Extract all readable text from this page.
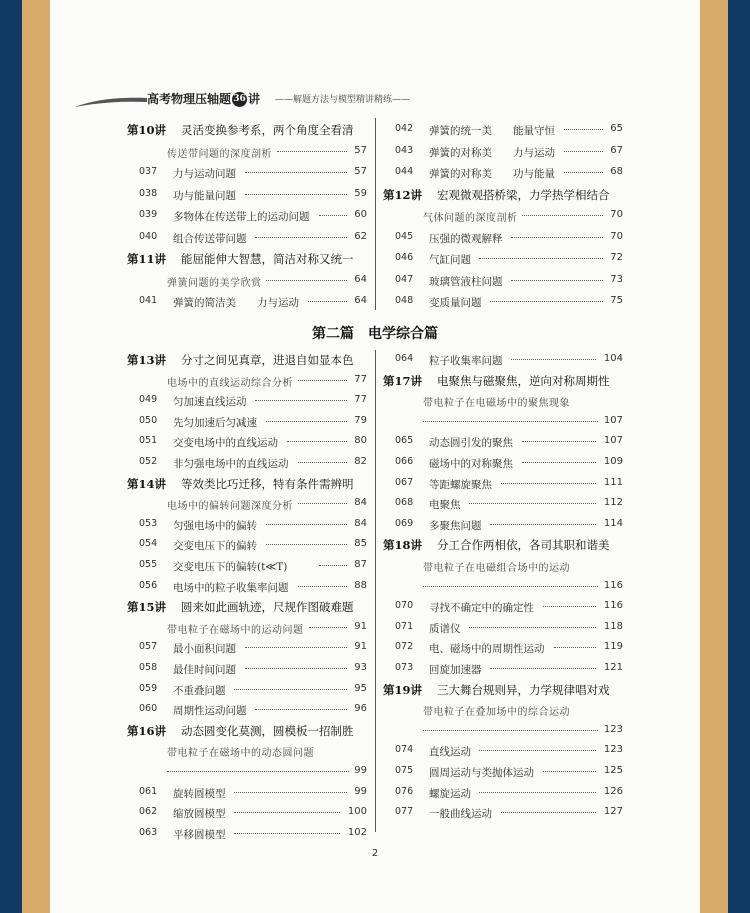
高考物理压轴题 36 讲 ——解题方法与模型精讲精练——
第10讲 灵活变换参考系，两个角度全看清
传送带问题的深度剖析	57
037 力与运动问题	57
038 功与能量问题	59
039 多物体在传送带上的运动问题	60
040 组合传送带问题	62
第11讲 能屈能伸大智慧，简洁对称又统一
弹簧问题的美学欣赏	64
041 弹簧的简洁美　　力与运动	64
042 弹簧的统一美　　能量守恒	65
043 弹簧的对称美　　力与运动	67
044 弹簧的对称美　　功与能量	68
第12讲 宏观微观搭桥梁，力学热学相结合
气体问题的深度剖析	70
045 压强的微观解释	70
046 气缸问题	72
047 玻璃管液柱问题	73
048 变质量问题	75
第二篇　电学综合篇
第13讲 分寸之间见真章，进退自如显本色
电场中的直线运动综合分析	77
049 匀加速直线运动	77
050 先匀加速后匀减速	79
051 交变电场中的直线运动	80
052 非匀强电场中的直线运动	82
第14讲 等效类比巧迁移，特有条件需辨明
电场中的偏转问题深度分析	84
053 匀强电场中的偏转	84
054 交变电压下的偏转	85
055 交变电压下的偏转(t≪T)	87
056 电场中的粒子收集率问题	88
第15讲 圆来如此画轨迹，尺规作图破难题
带电粒子在磁场中的运动问题	91
057 最小面积问题	91
058 最佳时间问题	93
059 不重叠问题	95
060 周期性运动问题	96
第16讲 动态圆变化莫测，圆模板一招制胜
带电粒子在磁场中的动态圆问题
99
061 旋转圆模型	99
062 缩放圆模型	100
063 平移圆模型	102
064 粒子收集率问题	104
第17讲 电聚焦与磁聚焦，逆向对称周期性
带电粒子在电磁场中的聚焦现象
107
065 动态圆引发的聚焦	107
066 磁场中的对称聚焦	109
067 等距螺旋聚焦	111
068 电聚焦	112
069 多聚焦问题	114
第18讲 分工合作两相依，各司其职和谐美
带电粒子在电磁组合场中的运动
116
070 寻找不确定中的确定性	116
071 质谱仪	118
072 电、磁场中的周期性运动	119
073 回旋加速器	121
第19讲 三大舞台规则异，力学规律唱对戏
带电粒子在叠加场中的综合运动
123
074 直线运动	123
075 圆周运动与类抛体运动	125
076 螺旋运动	126
077 一般曲线运动	127
2
